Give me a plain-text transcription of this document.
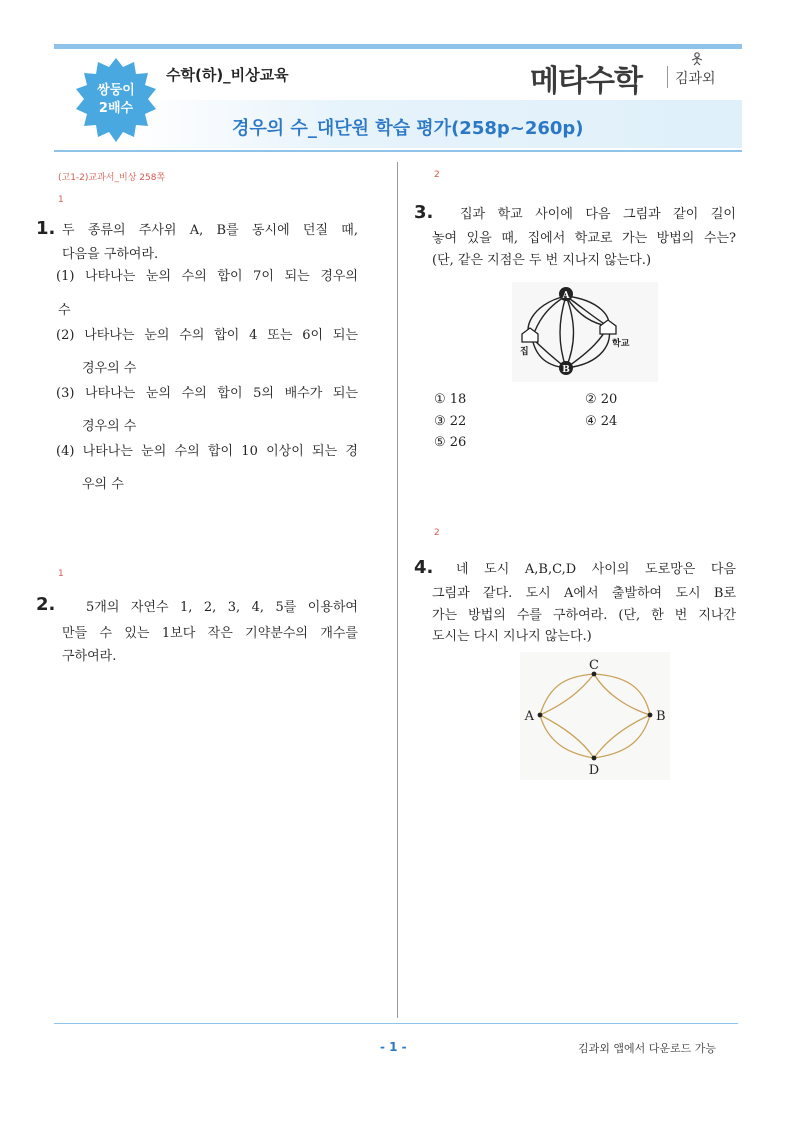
쌍둥이
2배수
수학(하)_비상교육	메타수학 김과외
경우의 수_대단원 학습 평가(258p~260p)
(고1-2)교과서_비상 258쪽
1
1. 두 종류의 주사위 A, B를 동시에 던질 때,
다음을 구하여라.
(1) 나타나는 눈의 수의 합이 7이 되는 경우의
수
(2) 나타나는 눈의 수의 합이 4 또는 6이 되는
경우의 수
(3) 나타나는 눈의 수의 합이 5의 배수가 되는
경우의 수
(4) 나타나는 눈의 수의 합이 10 이상이 되는 경
우의 수
1
2. 5개의 자연수 1, 2, 3, 4, 5를 이용하여
만들 수 있는 1보다 작은 기약분수의 개수를
구하여라.
2
3. 집과 학교 사이에 다음 그림과 같이 길이
놓여 있을 때, 집에서 학교로 가는 방법의 수는?
(단, 같은 지점은 두 번 지나지 않는다.)
A
B
집
학교
① 18	② 20
③ 22	④ 24
⑤ 26
2
4. 네 도시 A,B,C,D 사이의 도로망은 다음
그림과 같다. 도시 A에서 출발하여 도시 B로
가는 방법의 수를 구하여라. (단, 한 번 지나간
도시는 다시 지나지 않는다.)
C
A	B
D
- 1 -	김과외 앱에서 다운로드 가능
